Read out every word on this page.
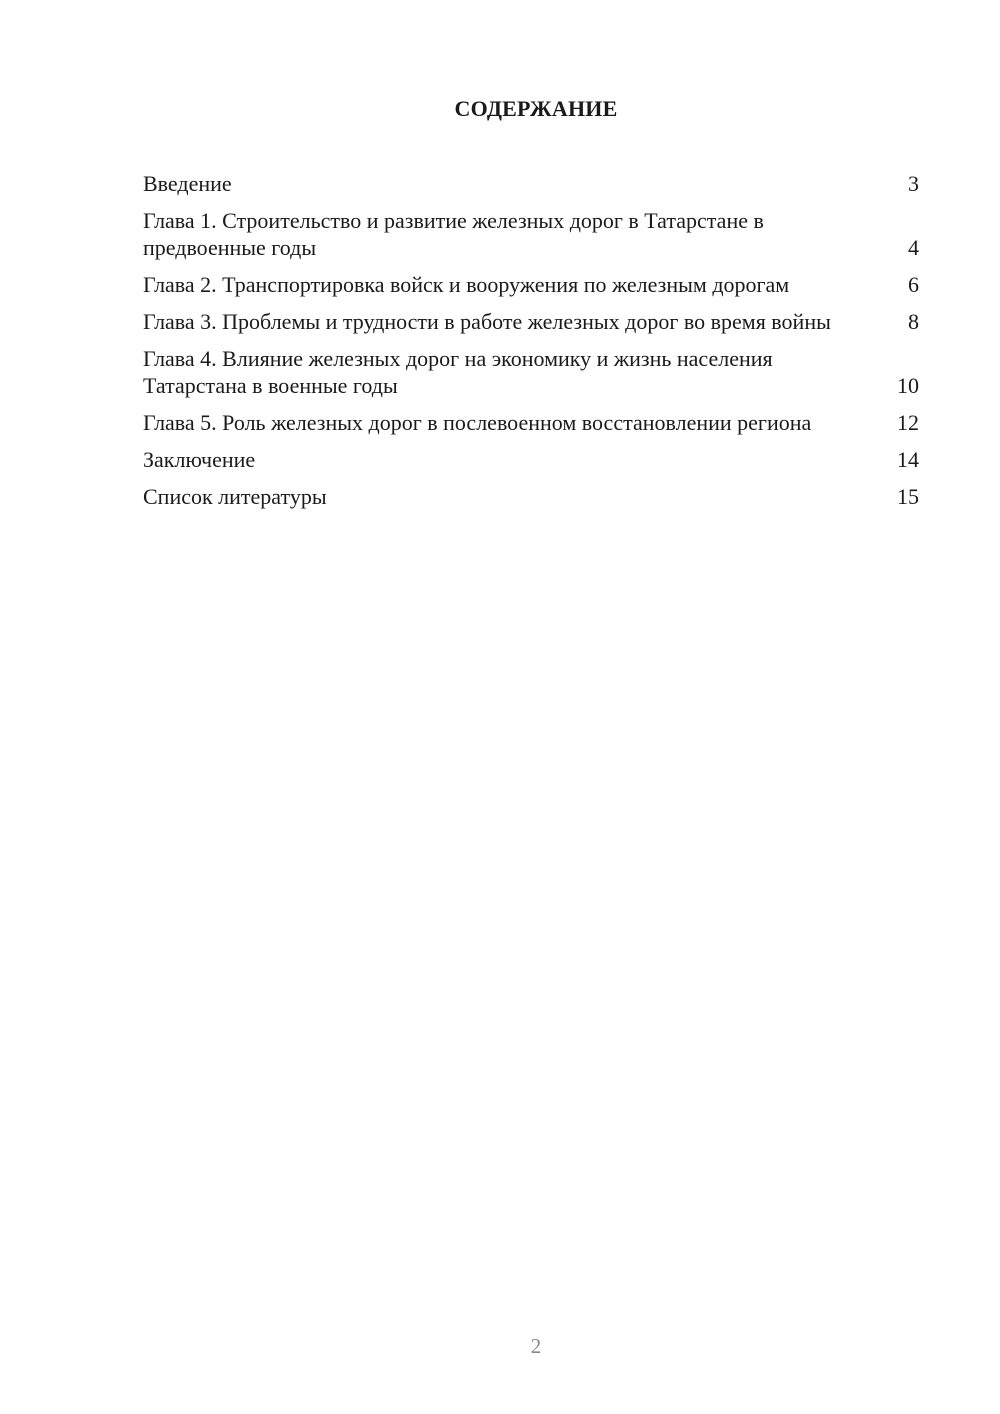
СОДЕРЖАНИЕ
Введение	3
Глава 1. Строительство и развитие железных дорог в Татарстане в предвоенные годы	4
Глава 2. Транспортировка войск и вооружения по железным дорогам	6
Глава 3. Проблемы и трудности в работе железных дорог во время войны	8
Глава 4. Влияние железных дорог на экономику и жизнь населения Татарстана в военные годы	10
Глава 5. Роль железных дорог в послевоенном восстановлении региона	12
Заключение	14
Список литературы	15
2
